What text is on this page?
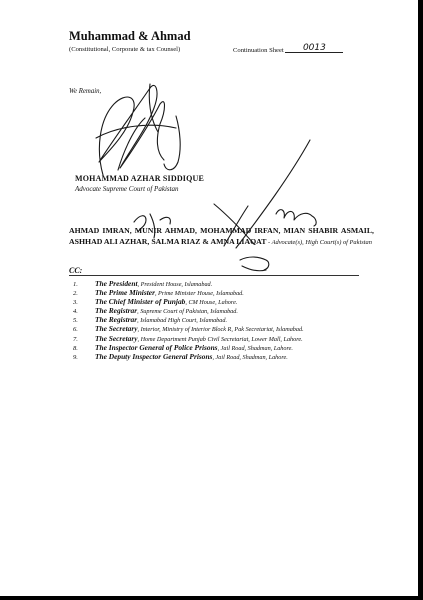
Muhammad & Ahmad
(Constitutional, Corporate & tax Counsel)	Continuation Sheet 0013
We Remain,
MOHAMMAD AZHAR SIDDIQUE
Advocate Supreme Court of Pakistan
AHMAD IMRAN, MUNIR AHMAD, MOHAMMAD IRFAN, MIAN SHABIR ASMAIL, ASHHAD ALI AZHAR, SALMA RIAZ & AMNA LIAQAT - Advocate(s), High Court(s) of Pakistan
CC:
1. The President, President House, Islamabad.
2. The Prime Minister, Prime Minister House, Islamabad.
3. The Chief Minister of Punjab, CM House, Lahore.
4. The Registrar, Supreme Court of Pakistan, Islamabad.
5. The Registrar, Islamabad High Court, Islamabad.
6. The Secretary, Interior, Ministry of Interior Block R, Pak Secretariat, Islamabad.
7. The Secretary, Home Department Punjab Civil Secretariat, Lower Mall, Lahore.
8. The Inspector General of Police Prisons, Jail Road, Shadman, Lahore.
9. The Deputy Inspector General Prisons, Jail Road, Shadman, Lahore.
